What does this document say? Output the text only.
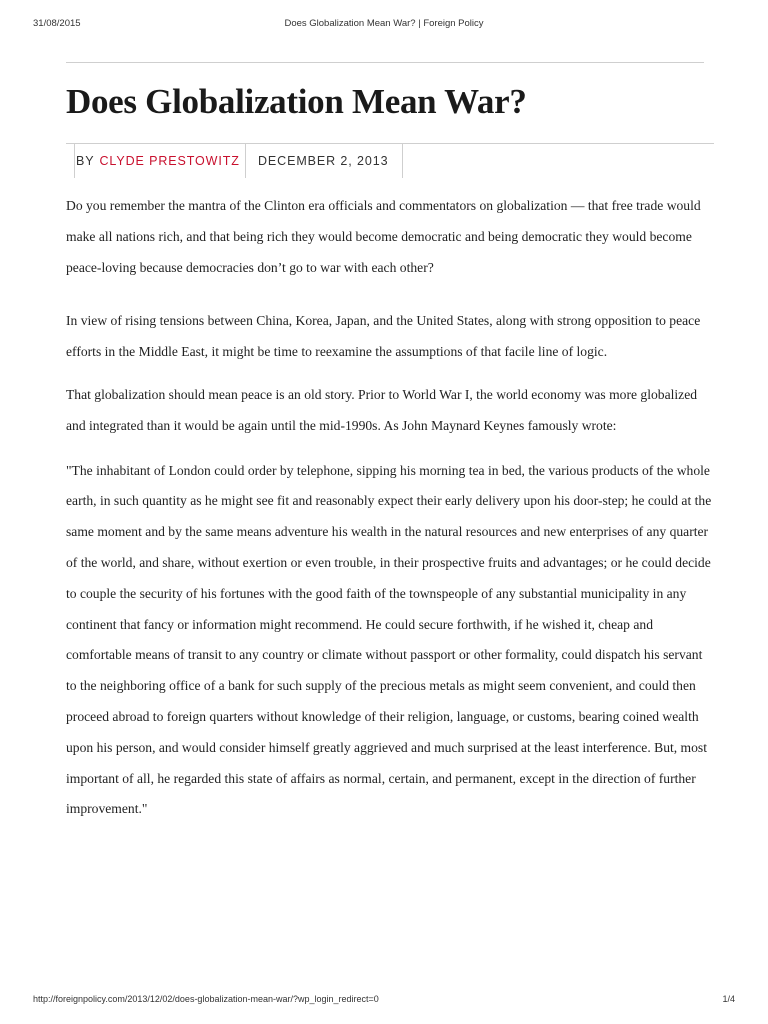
31/08/2015	Does Globalization Mean War? | Foreign Policy
Does Globalization Mean War?
BY CLYDE PRESTOWITZ	DECEMBER 2, 2013

Do you remember the mantra of the Clinton era officials and commentators on globalization — that free trade would make all nations rich, and that being rich they would become democratic and being democratic they would become peace-loving because democracies don’t go to war with each other?

In view of rising tensions between China, Korea, Japan, and the United States, along with strong opposition to peace efforts in the Middle East, it might be time to reexamine the assumptions of that facile line of logic.

That globalization should mean peace is an old story. Prior to World War I, the world economy was more globalized and integrated than it would be again until the mid-1990s. As John Maynard Keynes famously wrote:

"The inhabitant of London could order by telephone, sipping his morning tea in bed, the various products of the whole earth, in such quantity as he might see fit and reasonably expect their early delivery upon his door-step; he could at the same moment and by the same means adventure his wealth in the natural resources and new enterprises of any quarter of the world, and share, without exertion or even trouble, in their prospective fruits and advantages; or he could decide to couple the security of his fortunes with the good faith of the townspeople of any substantial municipality in any continent that fancy or information might recommend. He could secure forthwith, if he wished it, cheap and comfortable means of transit to any country or climate without passport or other formality, could dispatch his servant to the neighboring office of a bank for such supply of the precious metals as might seem convenient, and could then proceed abroad to foreign quarters without knowledge of their religion, language, or customs, bearing coined wealth upon his person, and would consider himself greatly aggrieved and much surprised at the least interference. But, most important of all, he regarded this state of affairs as normal, certain, and permanent, except in the direction of further improvement."

http://foreignpolicy.com/2013/12/02/does-globalization-mean-war/?wp_login_redirect=0	1/4
